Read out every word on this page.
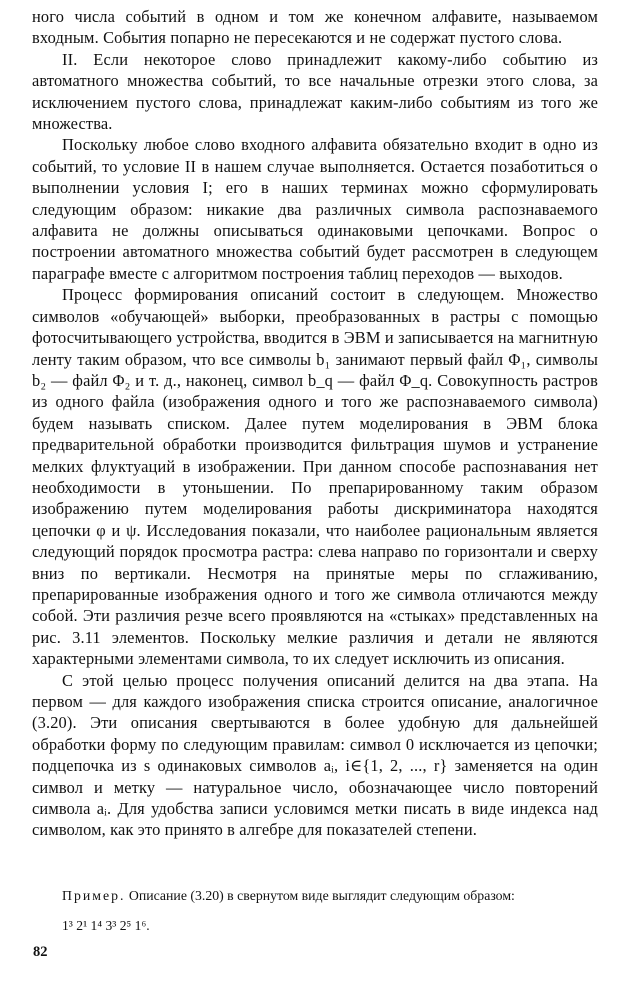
ного числа событий в одном и том же конечном алфавите, называемом входным. События попарно не пересекаются и не содержат пустого слова.

II. Если некоторое слово принадлежит какому-либо событию из автоматного множества событий, то все начальные отрезки этого слова, за исключением пустого слова, принадлежат каким-либо событиям из того же множества.

Поскольку любое слово входного алфавита обязательно входит в одно из событий, то условие II в нашем случае выполняется. Остается позаботиться о выполнении условия I; его в наших терминах можно сформулировать следующим образом: никакие два различных символа распознаваемого алфавита не должны описываться одинаковыми цепочками. Вопрос о построении автоматного множества событий будет рассмотрен в следующем параграфе вместе с алгоритмом построения таблиц переходов — выходов.

Процесс формирования описаний состоит в следующем. Множество символов «обучающей» выборки, преобразованных в растры с помощью фотосчитывающего устройства, вводится в ЭВМ и записывается на магнитную ленту таким образом, что все символы b₁ занимают первый файл Φ₁, символы b₂ — файл Φ₂ и т. д., наконец, символ b_q — файл Φ_q. Совокупность растров из одного файла (изображения одного и того же распознаваемого символа) будем называть списком. Далее путем моделирования в ЭВМ блока предварительной обработки производится фильтрация шумов и устранение мелких флуктуаций в изображении. При данном способе распознавания нет необходимости в утоньшении. По препарированному таким образом изображению путем моделирования работы дискриминатора находятся цепочки φ и ψ. Исследования показали, что наиболее рациональным является следующий порядок просмотра растра: слева направо по горизонтали и сверху вниз по вертикали. Несмотря на принятые меры по сглаживанию, препарированные изображения одного и того же символа отличаются между собой. Эти различия резче всего проявляются на «стыках» представленных на рис. 3.11 элементов. Поскольку мелкие различия и детали не являются характерными элементами символа, то их следует исключить из описания.

С этой целью процесс получения описаний делится на два этапа. На первом — для каждого изображения списка строится описание, аналогичное (3.20). Эти описания свертываются в более удобную для дальнейшей обработки форму по следующим правилам: символ 0 исключается из цепочки; подцепочка из s одинаковых символов aᵢ, i∈{1, 2, ..., r} заменяется на один символ и метку — натуральное число, обозначающее число повторений символа aᵢ. Для удобства записи условимся метки писать в виде индекса над символом, как это принято в алгебре для показателей степени.

Пример. Описание (3.20) в свернутом виде выглядит следующим образом:
1³ 2¹ 1⁴ 3³ 2⁵ 1⁶.
82
